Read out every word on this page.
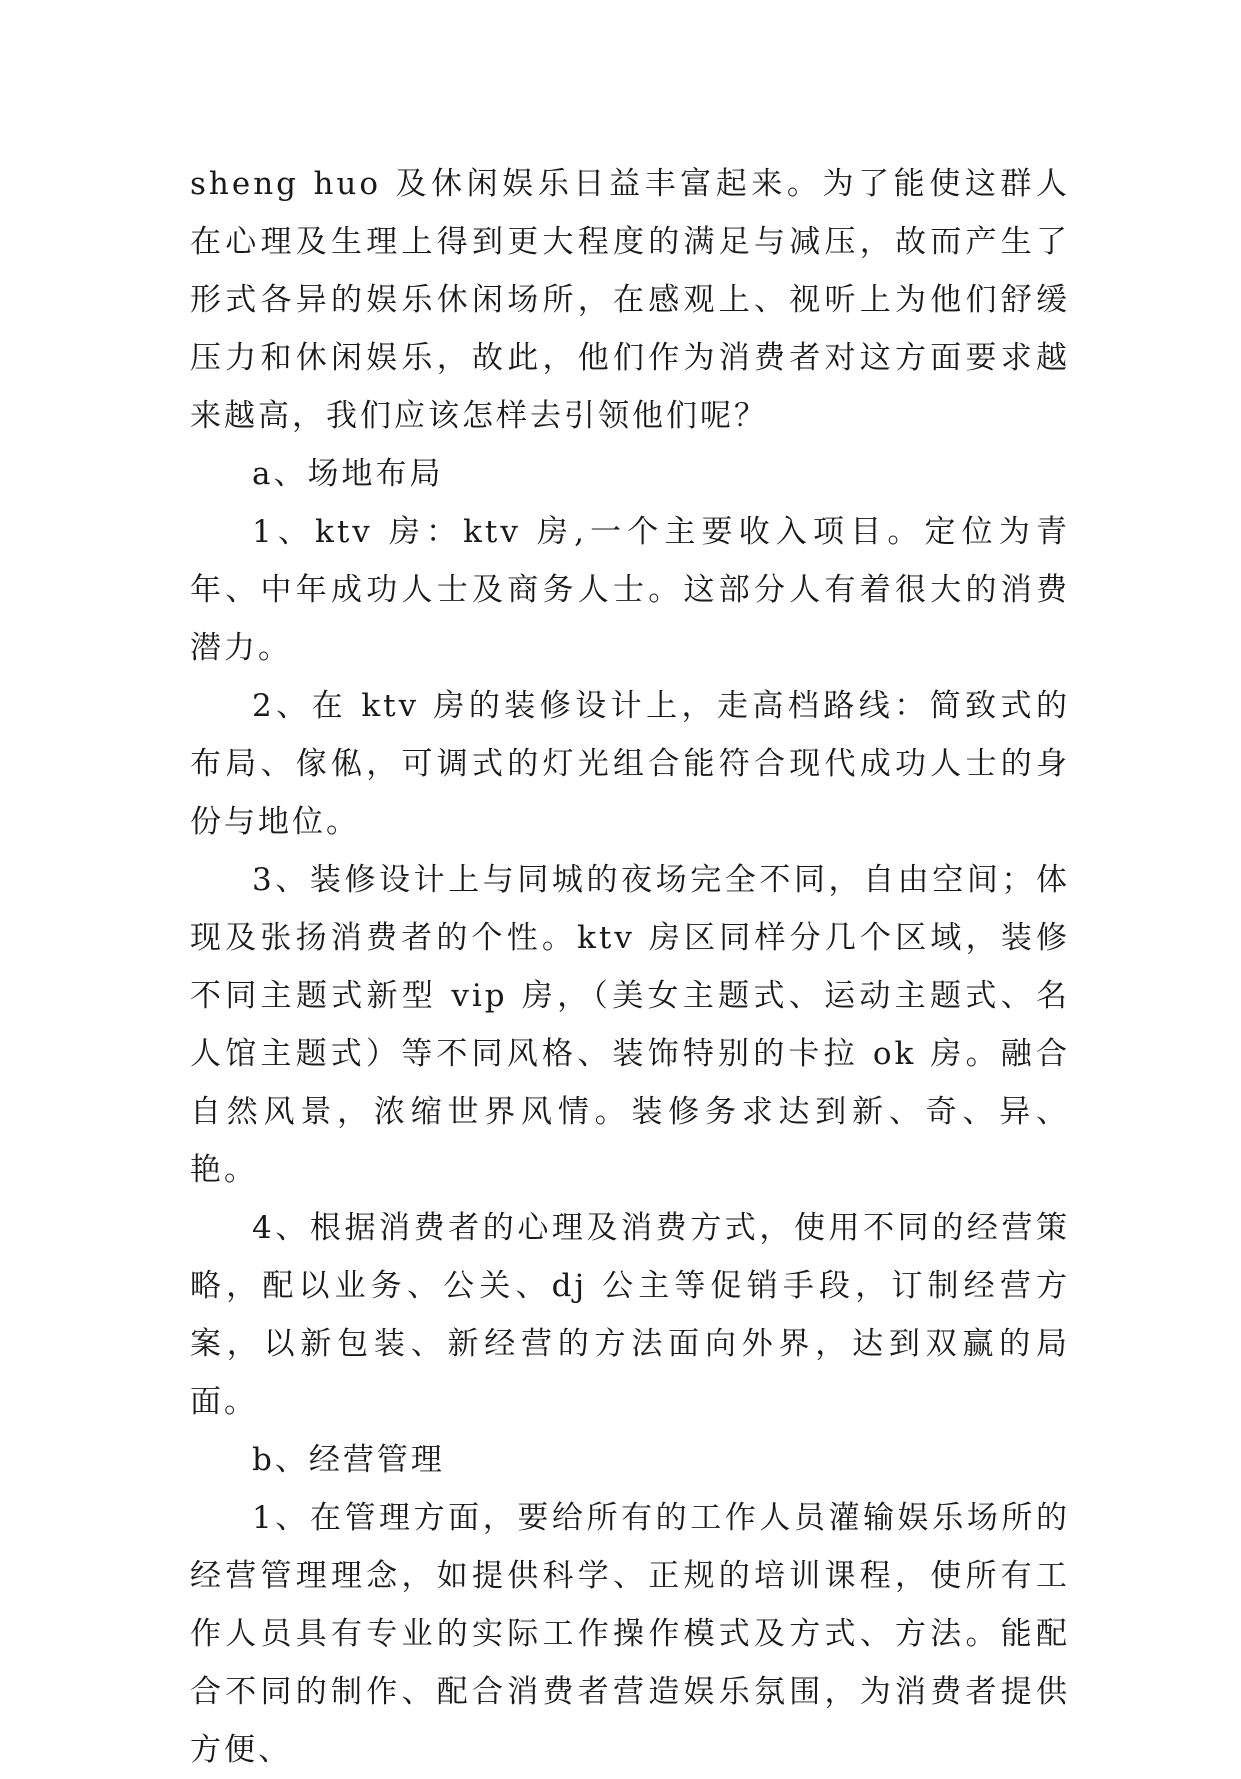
sheng huo 及休闲娱乐日益丰富起来。为了能使这群人在心理及生理上得到更大程度的满足与减压，故而产生了形式各异的娱乐休闲场所，在感观上、视听上为他们舒缓压力和休闲娱乐，故此，他们作为消费者对这方面要求越来越高，我们应该怎样去引领他们呢？

a、场地布局

1、ktv 房：ktv 房,一个主要收入项目。定位为青年、中年成功人士及商务人士。这部分人有着很大的消费潜力。

2、在 ktv 房的装修设计上，走高档路线：简致式的布局、傢俬，可调式的灯光组合能符合现代成功人士的身份与地位。

3、装修设计上与同城的夜场完全不同，自由空间；体现及张扬消费者的个性。ktv 房区同样分几个区域，装修不同主题式新型 vip 房，（美女主题式、运动主题式、名人馆主题式）等不同风格、装饰特别的卡拉 ok 房。融合自然风景，浓缩世界风情。装修务求达到新、奇、异、艳。

4、根据消费者的心理及消费方式，使用不同的经营策略，配以业务、公关、dj 公主等促销手段，订制经营方案，以新包装、新经营的方法面向外界，达到双赢的局面。

b、经营管理

1、在管理方面，要给所有的工作人员灌输娱乐场所的经营管理理念，如提供科学、正规的培训课程，使所有工作人员具有专业的实际工作操作模式及方式、方法。能配合不同的制作、配合消费者营造娱乐氛围，为消费者提供方便、
